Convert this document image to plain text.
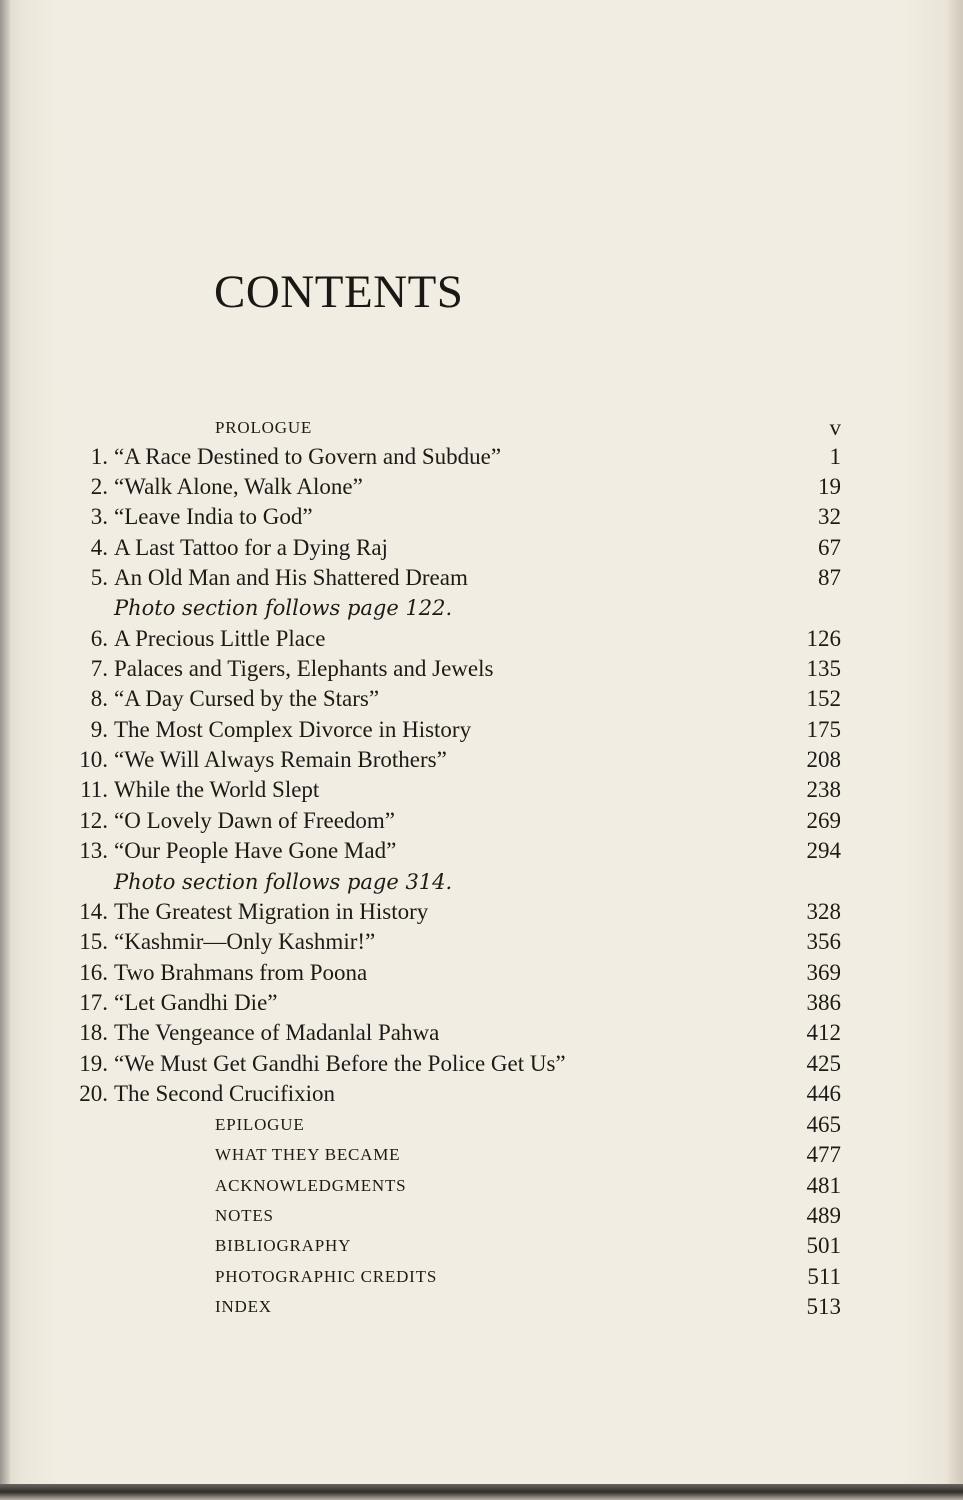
CONTENTS
PROLOGUE	v
1. “A Race Destined to Govern and Subdue”	1
2. “Walk Alone, Walk Alone”	19
3. “Leave India to God”	32
4. A Last Tattoo for a Dying Raj	67
5. An Old Man and His Shattered Dream	87
Photo section follows page 122.
6. A Precious Little Place	126
7. Palaces and Tigers, Elephants and Jewels	135
8. “A Day Cursed by the Stars”	152
9. The Most Complex Divorce in History	175
10. “We Will Always Remain Brothers”	208
11. While the World Slept	238
12. “O Lovely Dawn of Freedom”	269
13. “Our People Have Gone Mad”	294
Photo section follows page 314.
14. The Greatest Migration in History	328
15. “Kashmir—Only Kashmir!”	356
16. Two Brahmans from Poona	369
17. “Let Gandhi Die”	386
18. The Vengeance of Madanlal Pahwa	412
19. “We Must Get Gandhi Before the Police Get Us”	425
20. The Second Crucifixion	446
EPILOGUE	465
WHAT THEY BECAME	477
ACKNOWLEDGMENTS	481
NOTES	489
BIBLIOGRAPHY	501
PHOTOGRAPHIC CREDITS	511
INDEX	513
